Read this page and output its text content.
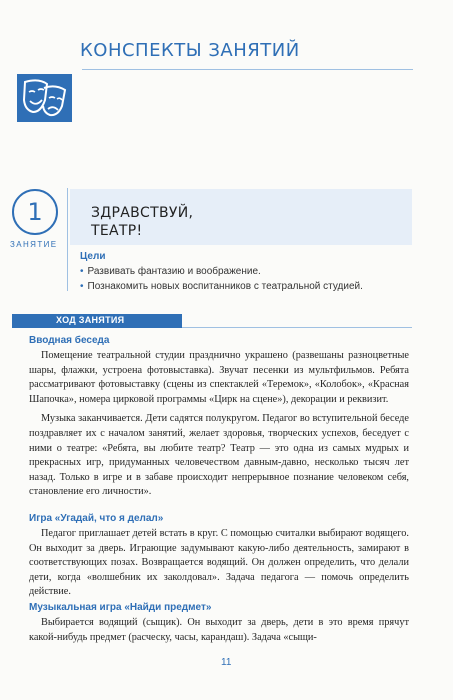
КОНСПЕКТЫ ЗАНЯТИЙ
1
ЗАНЯТИЕ
ЗДРАВСТВУЙ,
ТЕАТР!
Цели
• Развивать фантазию и воображение.
• Познакомить новых воспитанников с театральной студией.
ХОД ЗАНЯТИЯ

Вводная беседа

Помещение театральной студии празднично украшено (развешаны разноцветные шары, флажки, устроена фотовыставка). Звучат песенки из мультфильмов. Ребята рассматривают фотовыставку (сцены из спектаклей «Теремок», «Колобок», «Красная Шапочка», номера цирковой программы «Цирк на сцене»), декорации и реквизит.

Музыка заканчивается. Дети садятся полукругом. Педагог во вступительной беседе поздравляет их с началом занятий, желает здоровья, творческих успехов, беседует с ними о театре: «Ребята, вы любите театр? Театр — это одна из самых мудрых и прекрасных игр, придуманных человечеством давным-давно, несколько тысяч лет назад. Только в игре и в забаве происходит непрерывное познание человеком себя, становление его личности».

Игра «Угадай, что я делал»

Педагог приглашает детей встать в круг. С помощью считалки выбирают водящего. Он выходит за дверь. Играющие задумывают какую-либо деятельность, замирают в соответствующих позах. Возвращается водящий. Он должен определить, что делали дети, когда «волшебник их заколдовал». Задача педагога — помочь определить действие.

Музыкальная игра «Найди предмет»

Выбирается водящий (сыщик). Он выходит за дверь, дети в это время прячут какой-нибудь предмет (расческу, часы, карандаш). Задача «сыщи-

11
